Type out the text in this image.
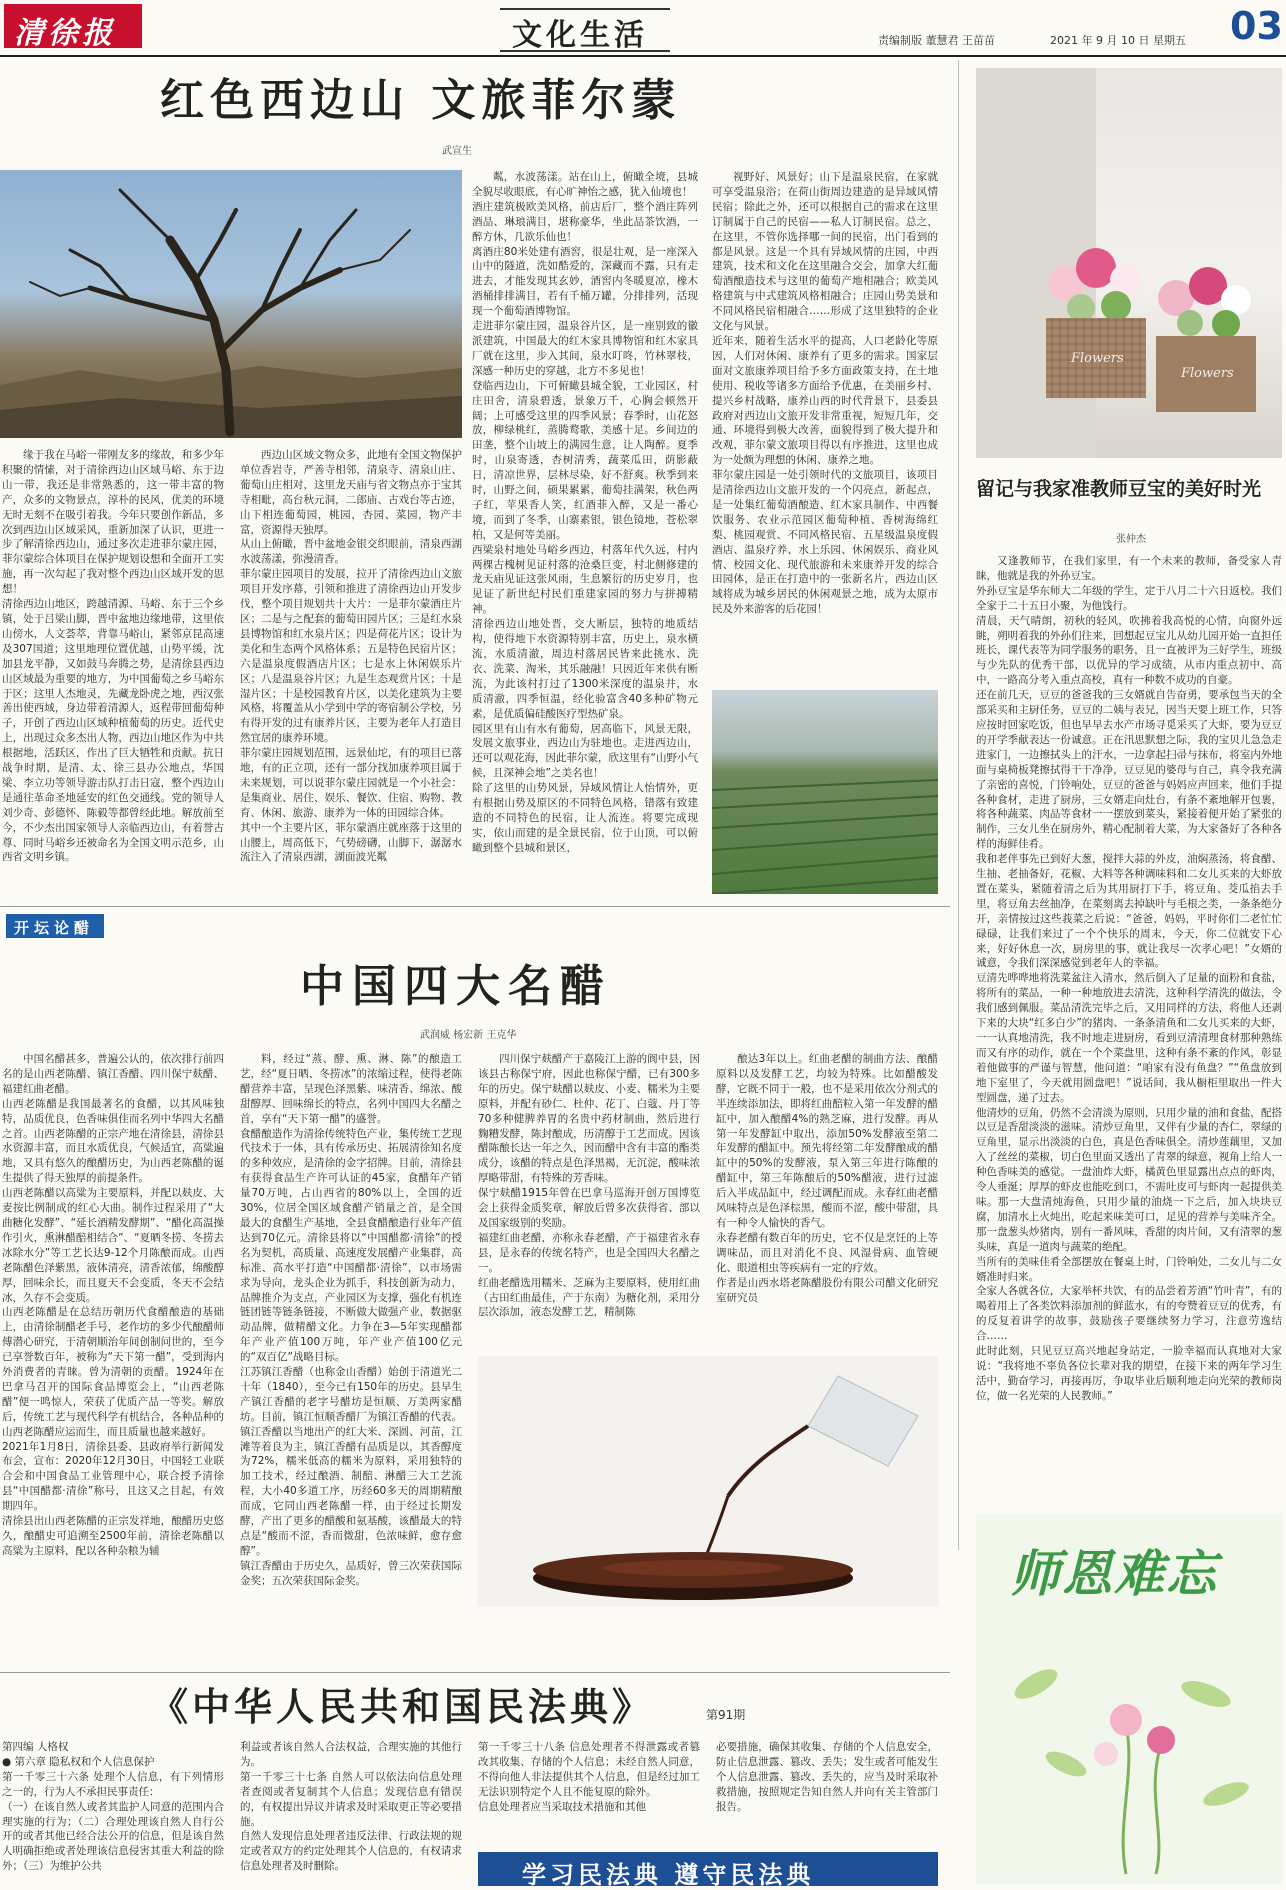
清徐报	文化生活	责编制版 董慧君 王苗苗	2021 年 9 月 10 日 星期五 03
红色西边山 文旅菲尔蒙
武宣生
缘于我在马峪一带刚友多的缘故，和多少年积聚的情愫，对于清徐西边山区域马峪、东于边山一带，我还是非常熟悉的，这一带丰富的物产，众多的文物景点，淳朴的民风，优美的环境无时无刻不在吸引着我。今年只要创作新品，多次到西边山区域采风，重新加深了认识，更进一步了解清徐西边山，通过多次走进菲尔蒙庄园，菲尔蒙综合体项目在保护规划设想和全面开工实施，再一次勾起了我对整个西边山区域开发的思想！
清徐西边山地区，跨越清源、马峪、东于三个乡镇，处于吕梁山脚，晋中盆地边缘地带，这里依山傍水，人文荟萃，背靠马峪山，紧邻京昆高速及307国道；这里地理位置优越，山势平缓，沈加县龙平静，又如鼓马奔腾之势，是清徐县西边山区域最为重要的地方，为中国葡萄之乡马峪东于区；这里人杰地灵，先藏龙卧虎之地，西汉张善出使西域，身边带着清源人，返程带回葡萄种子，开创了西边山区域种植葡萄的历史。近代史上，出现过众多杰出人物，西边山地区作为中共根据地，活跃区，作出了巨大牺牲和贡献。抗日战争时期，是清、太、徐三县办公地点，华国梁、李立功等领导游击队打击日寇，整个西边山是通往革命圣地延安的红色交通线。党的领导人刘少奇、彭德怀、陈毅等都曾经此地。解放前至今，不少杰出国家领导人亲临西边山，有着誉古尊、同时马峪乡还被命名为全国文明示范乡，山西省文明乡镇。
西边山区域文物众多，此地有全国文物保护单位香岩寺，严善寺相邻，清泉寺、清泉山庄、葡萄山庄相对，这里龙天庙与省文物点亦于宝其寺相毗，高台秋元洞，二郎庙、古戏台等古迹，山下相连葡萄园，桃园，杏园、菜园，物产丰富，资源得天独厚。
从山上俯瞰，晋中盆地金银交织眼前，清泉西湖水波荡漾，弥漫清香。
菲尔蒙庄园项目的发展，拉开了清徐西边山文旅项目开发序幕，引领和推进了清徐西边山开发步伐，整个项目规划共十大片：一是菲尔蒙酒庄片区；二是与之配套的葡萄田园片区；三是红水泉县博物馆和红水泉片区；四是荷花片区；设计为美化和生态两个风格体系；五是特色民宿片区；六是温泉度假酒店片区；七是水上休闲娱乐片区；八是温泉谷片区；九是生态观赏片区；十是湿片区；十是校园教育片区，以美化建筑为主要风格，将覆盖从小学到中学的寄宿制公学校，另有得开发的过有康养片区，主要为老年人打造目然宜居的康养环境。
菲尔蒙庄园规划范围，远景仙坨，有的项目已落地，有的正立项，还有一部分找加康养项目属于未来规划，可以说菲尔蒙庄园就是一个小社会：是集商业、居住、娱乐、餐饮、住宿、购物、教育、休闲、旅游、康养为一体的田园综合体。
其中一个主要片区，菲尔蒙酒庄就座落于这里的山腰上，周高低下，气势磅礴，山脚下，潺潺水流注入了清泉西湖，湖面波光粼
粼，水波荡漾。站在山上，俯瞰全境，县城全貌尽收眼底，有心旷神怡之感，犹入仙境也！
酒庄建筑极欧美风格，前店后厂，整个酒庄阵列酒品、琳琅满目，堪称豪华，坐此品茶饮酒，一醉方休，几欲乐仙也！
离酒庄80米处建有酒窖，很是壮观，是一座深入山中的隧道，洗如酷爱的，深藏而不露，只有走进去，才能发现其玄妙，酒窖内冬暖夏凉，橡木酒桶排排满目，若有千桶万罐，分排排列，活现现一个葡萄酒博物馆。
走进菲尔蒙庄园，温泉谷片区，是一座别致的徽派建筑，中国最大的红木家具博物馆和红木家具厂就在这里，步入其间，泉水叮咚，竹林翠枝，深感一种历史的穿越，北方不多见也！
登临西边山，下可俯瞰县城全貌，工业园区，村庄田舍，清泉碧透，景象万千，心胸会顿然开阔；上可感受这里的四季风景；春季时，山花怒放，柳绿桃红，蒸腾鹜歌，美感十足。乡间边的田垄，整个山坡上的满园生意，让人陶醉。夏季时，山泉寄透，杏树清秀，蔬菜瓜田，荫影蔽日，清凉世界，层林尽染，好不舒爽。秋季到来时，山野之间，硕果累累，葡萄挂满架，秋色两子红，苹果香人笑，红酒菲入醉，又是一番心境，而到了冬季，山寨素银，银色镜地，苍松翠柏，又是何等美丽。
西梁泉村地处马峪乡西边，村落年代久远，村内两棵古槐树见证村落的沧桑巨变，村北侧修建的龙天庙见证这张风雨，生息繁衍的历史岁月，也见证了新世纪村民们重建家园的努力与拼搏精神。
清徐西边山地处晋，交大断层，独特的地质结构，使得地下水资源特别丰富，历史上，泉水横流，水质清澈，周边村落居民皆来此挑水、洗衣、洗菜、淘米，其乐融融！只因近年来供有断流，为此该村打过了1300米深度的温泉井，水质清澈，四季恒温，经化验富含40多种矿物元素，是优质偏硅酸医疗型热矿泉。
园区里有山有水有葡萄，居高临下，风景无限，发展文旅事业，西边山为驻地也。走进西边山，还可以观花海，因此菲尔蒙，欣这里有“山野小气候，且深神会地”之美名也！
除了这里的山势风景，异域风情让人怡情外，更有根据山势及原区的不同特色风格，错落有致建造的不同特色的民宿，让人流连。将要完成现实，依山而建的是全景民宿，位于山顶，可以俯瞰到整个县城和景区，
视野好、风景好；山下是温泉民宿，在家就可享受温泉浴；在荷山街周边建造的是异域风情民宿；除此之外，还可以根据自己的需求在这里订制属于自己的民宿——私人订制民宿。总之，在这里，不管你选择哪一间的民宿，出门看到的都是风景。这是一个具有异域风情的庄园，中西建筑，技术和文化在这里融合交会，加拿大红葡萄酒酿造技术与这里的葡萄产地相融合；欧美风格建筑与中式建筑风格相融合；庄园山势美景和不同风格民宿相融合……形成了这里独特的企业文化与风景。
近年来，随着生活水平的提高，人口老龄化等原因，人们对休闲、康养有了更多的需求。国家层面对文旅康养项目给予多方面政策支持，在土地使用、税收等诸多方面给予优惠，在美丽乡村、提兴乡村战略，康养山西的时代背景下，县委县政府对西边山文旅开发非常重视，短短几年，交通、环境得到极大改善，面貌得到了极大提升和改观，菲尔蒙文旅项目得以有序推进，这里也成为一处颇为理想的休闲、康养之地。
菲尔蒙庄园是一处引领时代的文旅项目，该项目是清徐西边山文旅开发的一个闪亮点，新起点，是一处集红葡萄酒酿造、红木家具制作、中西餐饮服务、农业示范园区葡萄种植、香树海绵红梨、桃园观赏、不同风格民宿、五星级温泉度假酒店、温泉疗养、水上乐园、休闲娱乐、商业风情、校园文化、现代旅游和未来康养开发的综合田园体，是正在打造中的一张新名片，西边山区域将成为城乡居民的休闲观景之地，成为太原市民及外来游客的后花园！
Flowers
Flowers
留记与我家准教师豆宝的美好时光
张仲杰
又逢教师节，在我们家里，有一个未来的教师，备受家人青睐，他就是我的外孙豆宝。
外孙豆宝是华东师大二年级的学生，定于八月二十六日返校。我们全家于二十五日小聚，为他饯行。
清晨，天气晴朗，初秋的轻风，吹拂着我高悦的心情，向窗外远眺，朔明着我的外孙们往来，回想起豆宝儿从幼儿园开始一直担任班长，课代表等为同学服务的职务，且一直被评为三好学生，班级与少先队的优秀干部，以优异的学习成绩，从市内重点初中、高中，一路高分考入重点高校，真有一种数不成功的自豪。
还在前几天，豆豆的爸爸我的三女婿就自告奋勇，要承包当天的全部采买和主厨任务，豆豆的二姨与表兄，因当天要上班工作，只答应按时回家吃饭，但也早早去水产市场寻觅采买了大虾，要为豆豆的开学季献表达一份诚意。正在汛思默想之际，我的宝贝儿急急走进家门，一边擦拭头上的汗水，一边拿起扫帚与抹布，将室内外地面与桌椅板凳擦拭得干干净净，豆豆见的婆母与自己，真令我充满了亲密的喜悦，门铃响处，豆豆的爸爸与妈妈应声回来，他们手提各种食材，走进了厨房，三女婿走向灶台，有条不紊地解开包裹，将各种蔬菜、肉品等食材一一摆放到菜头，紧接着便开始了紧张的制作，三女儿坐在厨房外，精心配制着大菜，为大家备好了各种各样的海鲜佳肴。
我和老伴事先已到好大葱，搅拌大蒜的外皮，油焖蒸汤，将食醋、生抽、老抽备好，花椒、大料等各种调味料和二女儿买来的大虾放置在菜头，紧随着清之后为其用厨打下手，将豆角、茭瓜掐去手里，将豆角去丝抽净，在菜刻离去掉缺叶与毛根之类，一条条绝分开，亲情按过这些莪菜之后说：“爸爸，妈妈，平时你们二老忙忙碌碌，让我们来过了一个个快乐的周末，今天，你二位就安下心来，好好休息一次，厨房里的事，就让我尽一次孝心吧！”女婿的诚意，令我们深深感觉到老年人的幸福。
豆清先哗哗地将洗菜盆注入清水，然后倒入了足量的面粉和食盐，将所有的菜品，一种一种地放进去清洗，这种科学清洗的做法，令我们感到佩服。菜品清洗完毕之后，又用同样的方法，将他人还剥下来的大块“红多白少”的猪肉、一条条清鱼和二女儿买来的大虾，一一认真地清洗，我不时地走进厨房，看到豆清清理食材那种熟练而又有序的动作，就在一个个菜盘里，这种有条不紊的作风，彰显着他做事的严谨与智慧，他问道：“咱家有没有鱼盘？”“鱼盘放到地下室里了，今天就用圆盘吧！”说话间，我从橱柜里取出一件大型圆盘，递了过去。
他清炒的豆角，仍然不会清淡为原则，只用少量的油和食盐，配搭以豆是香甜淡淡的滋味。清炒豆角里，又伴有少量的杏仁，翠绿的豆角里，显示出淡淡的白色，真是色香味俱全。清炒莲藕里，又加入了丝丝的菜椒，切白色里面又透出了青翠的绿意，视角上给人一种色香味美的感觉。一盘油炸大虾，橘黄色里显露出点点的虾肉，令人垂涎；厚厚的虾皮也能吃到口，不需吐皮可与虾肉一起提供美味。那一大盘清炖海鱼，只用少量的油烧一下之后，加入块块豆腐，加清水上火炖出，吃起来味美可口，足见的营养与美味齐全。那一盘葱头炒猪肉，别有一番风味，香甜的肉片间，又有清翠的葱头味，真是一道肉与蔬菜的绝配。
当所有的美味佳肴全部摆放在餐桌上时，门铃响处，二女儿与二女婿准时归来。
全家人各就各位，大家举杯共饮，有的品尝着芳酒“竹叶青”，有的喝着用上了各类饮料添加剂的鲜蓝水，有的夸赞着豆豆的优秀，有的反复着讲学的故事，鼓励孩子要继续努力学习，注意劳逸结合……
此时此刻，只见豆豆高兴地起身站定，一脸幸福而认真地对大家说：“我将地不辜负各位长辈对我的期望，在接下来的两年学习生活中，勤奋学习，再接再厉，争取毕业后顺利地走向光荣的教师岗位，做一名光荣的人民教师。”
师恩难忘
开坛论醋
中国四大名醋
武润威 杨宏新 王克华
中国名醋甚多，普遍公认的，依次排行前四名的是山西老陈醋、镇江香醋、四川保宁麸醋、福建红曲老醋。
山西老陈醋是我国最著名的食醋，以其风味独特，品质优良，色香味俱佳而名列中华四大名醋之首。山西老陈醋的正宗产地在清徐县，清徐县水资源丰富，而且水质优良，气候适宜，高粱遍地，又具有悠久的酿醋历史，为山西老陈醋的诞生提供了得天独厚的前提条件。
山西老陈醋以高粱为主要原料，并配以麸皮、大麦按比例制成的红心大曲。制作过程采用了“大曲糖化发酵”、“延长酒精发酵期”、“醋化高温操作引火，熏淋醋醅相结合”、“夏晒冬捞、冬捞去冰除水分”等工艺长达9-12个月陈酿而成。山西老陈醋色泽紫黑，液体清亮，清香浓郁，绵酸醇厚，回味余长，而且夏天不会变质，冬天不会结冰，久存不会变质。
山西老陈醋是在总结历朝历代食醋酿造的基础上，由清徐制醋老手号，老作坊的多少代酿醋师傅潜心研究，于清朝顺治年间创制问世的，至今已享誉数百年，被称为“天下第一醋”，受到海内外消费者的青睐。曾为清朝的贡醋。1924年在巴拿马召开的国际食品博览会上，“山西老陈醋”便一鸣惊人，荣获了优质产品一等奖。解放后，传统工艺与现代科学有机结合，各种品种的山西老陈醋应运而生，而且质量也越来越好。
2021年1月8日，清徐县委、县政府举行新闻发布会，宣布：2020年12月30日，中国轻工业联合会和中国食品工业管理中心，联合授予清徐县“中国醋都·清徐”称号，且这又之目起，有效期四年。
清徐县出山西老陈醋的正宗发祥地，酿醋历史悠久，酿醋史可追溯至2500年前，清徐老陈醋以高粱为主原料，配以各种杂粮为辅
料，经过“蒸、酵、熏、淋、陈”的酿造工艺，经“夏日晒、冬捞冰”的浓缩过程，使得老陈醋营养丰富，呈现色泽黑紫、味清香、绵浓、酸甜醇厚、回味绵长的特点，名列中国四大名醋之首，享有“天下第一醋”的盛誉。
食醋酿造作为清徐传统特色产业，集传统工艺现代技术于一体，具有传承历史、拓展清徐知名度的多种效应，是清徐的金字招牌。目前，清徐县有获得食品生产许可认证的45家，食醋年产销量70万吨，占山西省的80%以上，全国的近30%，位居全国区域食醋产销量之首，是全国最大的食醋生产基地，全县食醋酿造行业年产值达到70亿元。清徐县将以“中国醋都·清徐”的授名为契机，高质量、高速度发展醋产业集群，高标准、高水平打造“中国醋都·清徐”，以市场需求为导向，龙头企业为抓手，科技创新为动力，品牌推介为支点，产业园区为支撑，强化有机连链团链等链条链接，不断做大做强产业，数据驱动品牌，做精醋文化。力争在3—5年实现醋都年产业产值100万吨，年产业产值100亿元的“双百亿”战略目标。
江苏镇江香醋（也称金山香醋）始创于清道光二十年（1840），至今已有150年的历史。县早生产镇江香醋的老字号醋坊是恒顺、万美两家醋坊。目前，镇江恒顺香醋厂为镇江香醋的代表。镇江香醋以当地出产的红大米、深圆、河苗，江滩等着良为主，镇江香醋有品质是以，其香醇度为72%，糯米低高的糯米为原料，采用独特的加工技术，经过酿酒、制醅、淋醋三大工艺流程，大小40多道工序，历经60多天的周期精酿而成，它同山西老陈醋一样，由于经过长期发酵，产出了更多的醋酸和氨基酸，该醋最大的特点是“酸而不涩，香而微甜，色浓味鲜，愈存愈醇”。
镇江香醋由于历史久，品质好，曾三次荣获国际金奖；五次荣获国际金奖。
四川保宁麸醋产于嘉陵江上游的阆中县，因该县古称保宁府，因此也称保宁醋，已有300多年的历史。保宁麸醋以麸皮、小麦、糯米为主要原料，并配有砂仁、杜仲、花丁、白蔻、丹丁等70多种健脾养胃的名贵中药材制曲，然后进行麴糟发酵，陈封酿成，历清醇于工艺而成。因该醋陈酿长达一年之久，因而醋中含有丰富的酯类成分，该醋的特点是色泽黑褐，无沉淀，酸味浓厚略带甜，有特殊的芳香味。
保宁麸醋1915年曾在巴拿马巡海开创万国博览会上获得金质奖章，解放后曾多次获得省、部以及国家级别的奖励。
福建红曲老醋，亦称永春老醋，产于福建省永春县，是永春的传统名特产，也是全国四大名醋之一。
红曲老醋选用糯米、芝麻为主要原料，使用红曲（古田红曲最佳，产于东南）为糖化剂，采用分层次添加，液态发酵工艺，精制陈
酿达3年以上。红曲老醋的制曲方法、酿醋原料以及发酵工艺，均较为特殊。比如醋酸发酵，它既不同于一般，也不是采用依次分剂式的半连续添加法，即将红曲醅粒入第一年发酵的醋缸中，加入酿醋4%的熟芝麻，进行发酵。再从第一年发酵缸中取出，添加50%发酵液至第二年发酵的醋缸中。预先将经第二年发酵酿成的醋缸中的50%的发酵液，泵入第三年进行陈酿的醋缸中，第三年陈酿后的50%醋液，进行过滤后入半成品缸中，经过调配而成。永春红曲老醋风味特点是色泽棕黑，酸而不涩，酸中带甜，具有一种令人愉快的香气。
永春老醋有数百年的历史，它不仅是烹饪的上等调味品，而且对消化不良、风湿骨病、血管硬化、眼道相虫等疾病有一定的疗效。
作者是山西水塔老陈醋股份有限公司醋文化研究室研究员
《中华人民共和国民法典》	第91期
第四编 人格权
● 第六章 隐私权和个人信息保护
第一千零三十六条 处理个人信息，有下列情形之一的，行为人不承担民事责任：
（一）在该自然人或者其监护人同意的范围内合理实施的行为；（二）合理处理该自然人自行公开的或者其他已经合法公开的信息，但是该自然人明确拒绝或者处理该信息侵害其重大利益的除外；（三）为维护公共
利益或者该自然人合法权益，合理实施的其他行为。
第一千零三十七条 自然人可以依法向信息处理者查阅或者复制其个人信息；发现信息有错误的，有权提出异议并请求及时采取更正等必要措施。
自然人发现信息处理者违反法律、行政法规的规定或者双方的约定处理其个人信息的，有权请求信息处理者及时删除。
第一千零三十八条 信息处理者不得泄露或者篡改其收集、存储的个人信息；未经自然人同意，不得向他人非法提供其个人信息，但是经过加工无法识别特定个人且不能复原的除外。
信息处理者应当采取技术措施和其他
必要措施，确保其收集、存储的个人信息安全，防止信息泄露、篡改、丢失；发生或者可能发生个人信息泄露、篡改、丢失的，应当及时采取补救措施，按照规定告知自然人并向有关主管部门报告。
学习民法典 遵守民法典
